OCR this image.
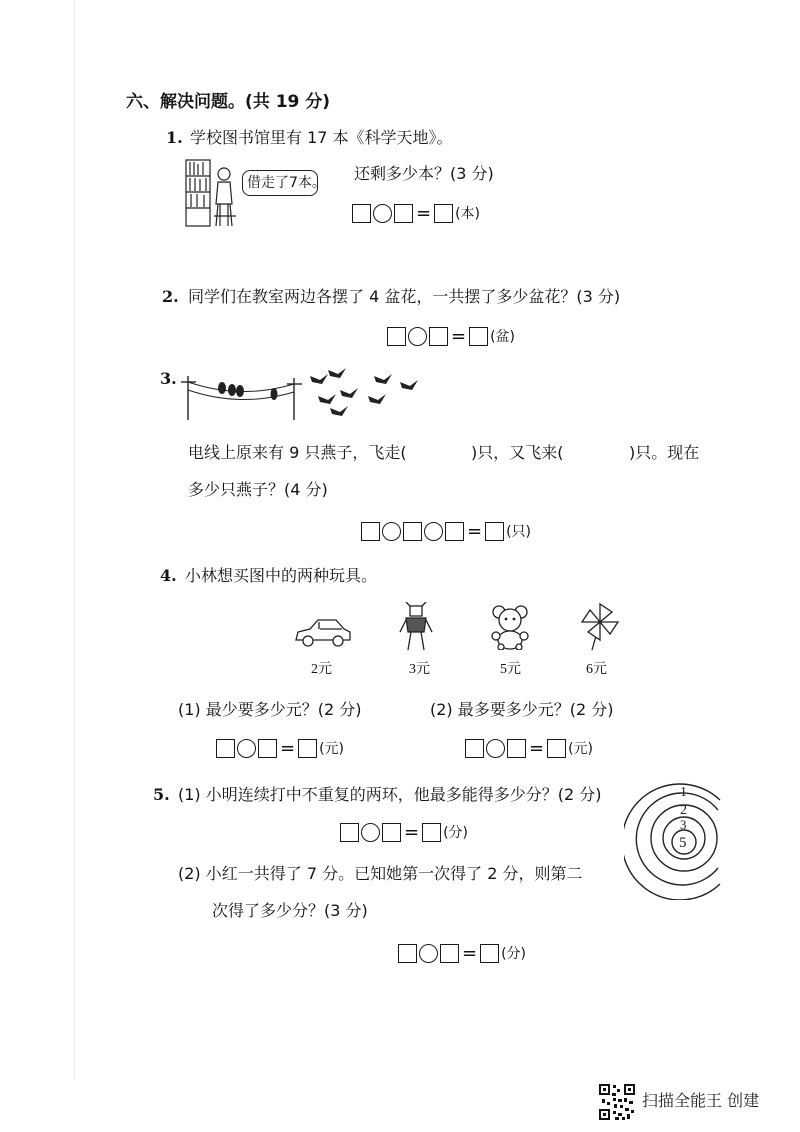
六、解决问题。(共 19 分)
1. 学校图书馆里有 17 本《科学天地》。
借走了7本。 还剩多少本？(3 分)
= (本)
2. 同学们在教室两边各摆了 4 盆花，一共摆了多少盆花？(3 分)
= (盆)
3.
电线上原来有 9 只燕子，飞走(	)只，又飞来(	)只。现在
多少只燕子？(4 分)
= (只)
4. 小林想买图中的两种玩具。
2元	3元	5元	6元
(1) 最少要多少元？(2 分)	(2) 最多要多少元？(2 分)
= (元)	= (元)
5. (1) 小明连续打中不重复的两环，他最多能得多少分？(2 分)
= (分)
1
2
3
5
(2) 小红一共得了 7 分。已知她第一次得了 2 分，则第二
次得了多少分？(3 分)
= (分)
扫描全能王 创建
